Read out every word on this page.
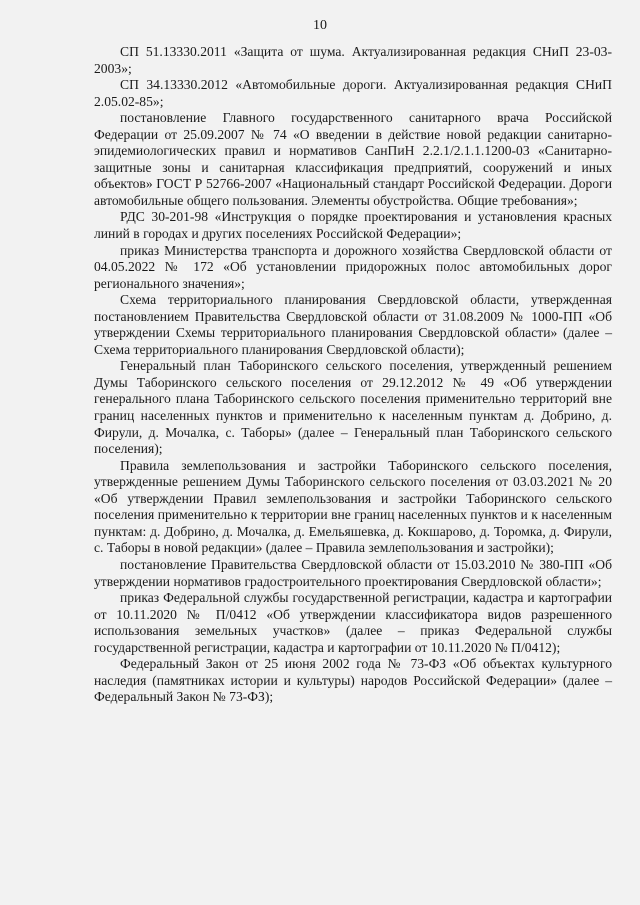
10

СП 51.13330.2011 «Защита от шума. Актуализированная редакция СНиП 23-03-2003»;

СП 34.13330.2012 «Автомобильные дороги. Актуализированная редакция СНиП 2.05.02-85»;

постановление Главного государственного санитарного врача Российской Федерации от 25.09.2007 № 74 «О введении в действие новой редакции санитарно-эпидемиологических правил и нормативов СанПиН 2.2.1/2.1.1.1200-03 «Санитарно-защитные зоны и санитарная классификация предприятий, сооружений и иных объектов» ГОСТ Р 52766-2007 «Национальный стандарт Российской Федерации. Дороги автомобильные общего пользования. Элементы обустройства. Общие требования»;

РДС 30-201-98 «Инструкция о порядке проектирования и установления красных линий в городах и других поселениях Российской Федерации»;

приказ Министерства транспорта и дорожного хозяйства Свердловской области от 04.05.2022 № 172 «Об установлении придорожных полос автомобильных дорог регионального значения»;

Схема территориального планирования Свердловской области, утвержденная постановлением Правительства Свердловской области от 31.08.2009 № 1000-ПП «Об утверждении Схемы территориального планирования Свердловской области» (далее – Схема территориального планирования Свердловской области);

Генеральный план Таборинского сельского поселения, утвержденный решением Думы Таборинского сельского поселения от 29.12.2012 № 49 «Об утверждении генерального плана Таборинского сельского поселения применительно территорий вне границ населенных пунктов и применительно к населенным пунктам д. Добрино, д. Фирули, д. Мочалка, с. Таборы» (далее – Генеральный план Таборинского сельского поселения);

Правила землепользования и застройки Таборинского сельского поселения, утвержденные решением Думы Таборинского сельского поселения от 03.03.2021 № 20 «Об утверждении Правил землепользования и застройки Таборинского сельского поселения применительно к территории вне границ населенных пунктов и к населенным пунктам: д. Добрино, д. Мочалка, д. Емельяшевка, д. Кокшарово, д. Торомка, д. Фирули, с. Таборы в новой редакции» (далее – Правила землепользования и застройки);

постановление Правительства Свердловской области от 15.03.2010 № 380-ПП «Об утверждении нормативов градостроительного проектирования Свердловской области»;

приказ Федеральной службы государственной регистрации, кадастра и картографии от 10.11.2020 № П/0412 «Об утверждении классификатора видов разрешенного использования земельных участков» (далее – приказ Федеральной службы государственной регистрации, кадастра и картографии от 10.11.2020 № П/0412);

Федеральный Закон от 25 июня 2002 года № 73-ФЗ «Об объектах культурного наследия (памятниках истории и культуры) народов Российской Федерации» (далее – Федеральный Закон № 73-ФЗ);
